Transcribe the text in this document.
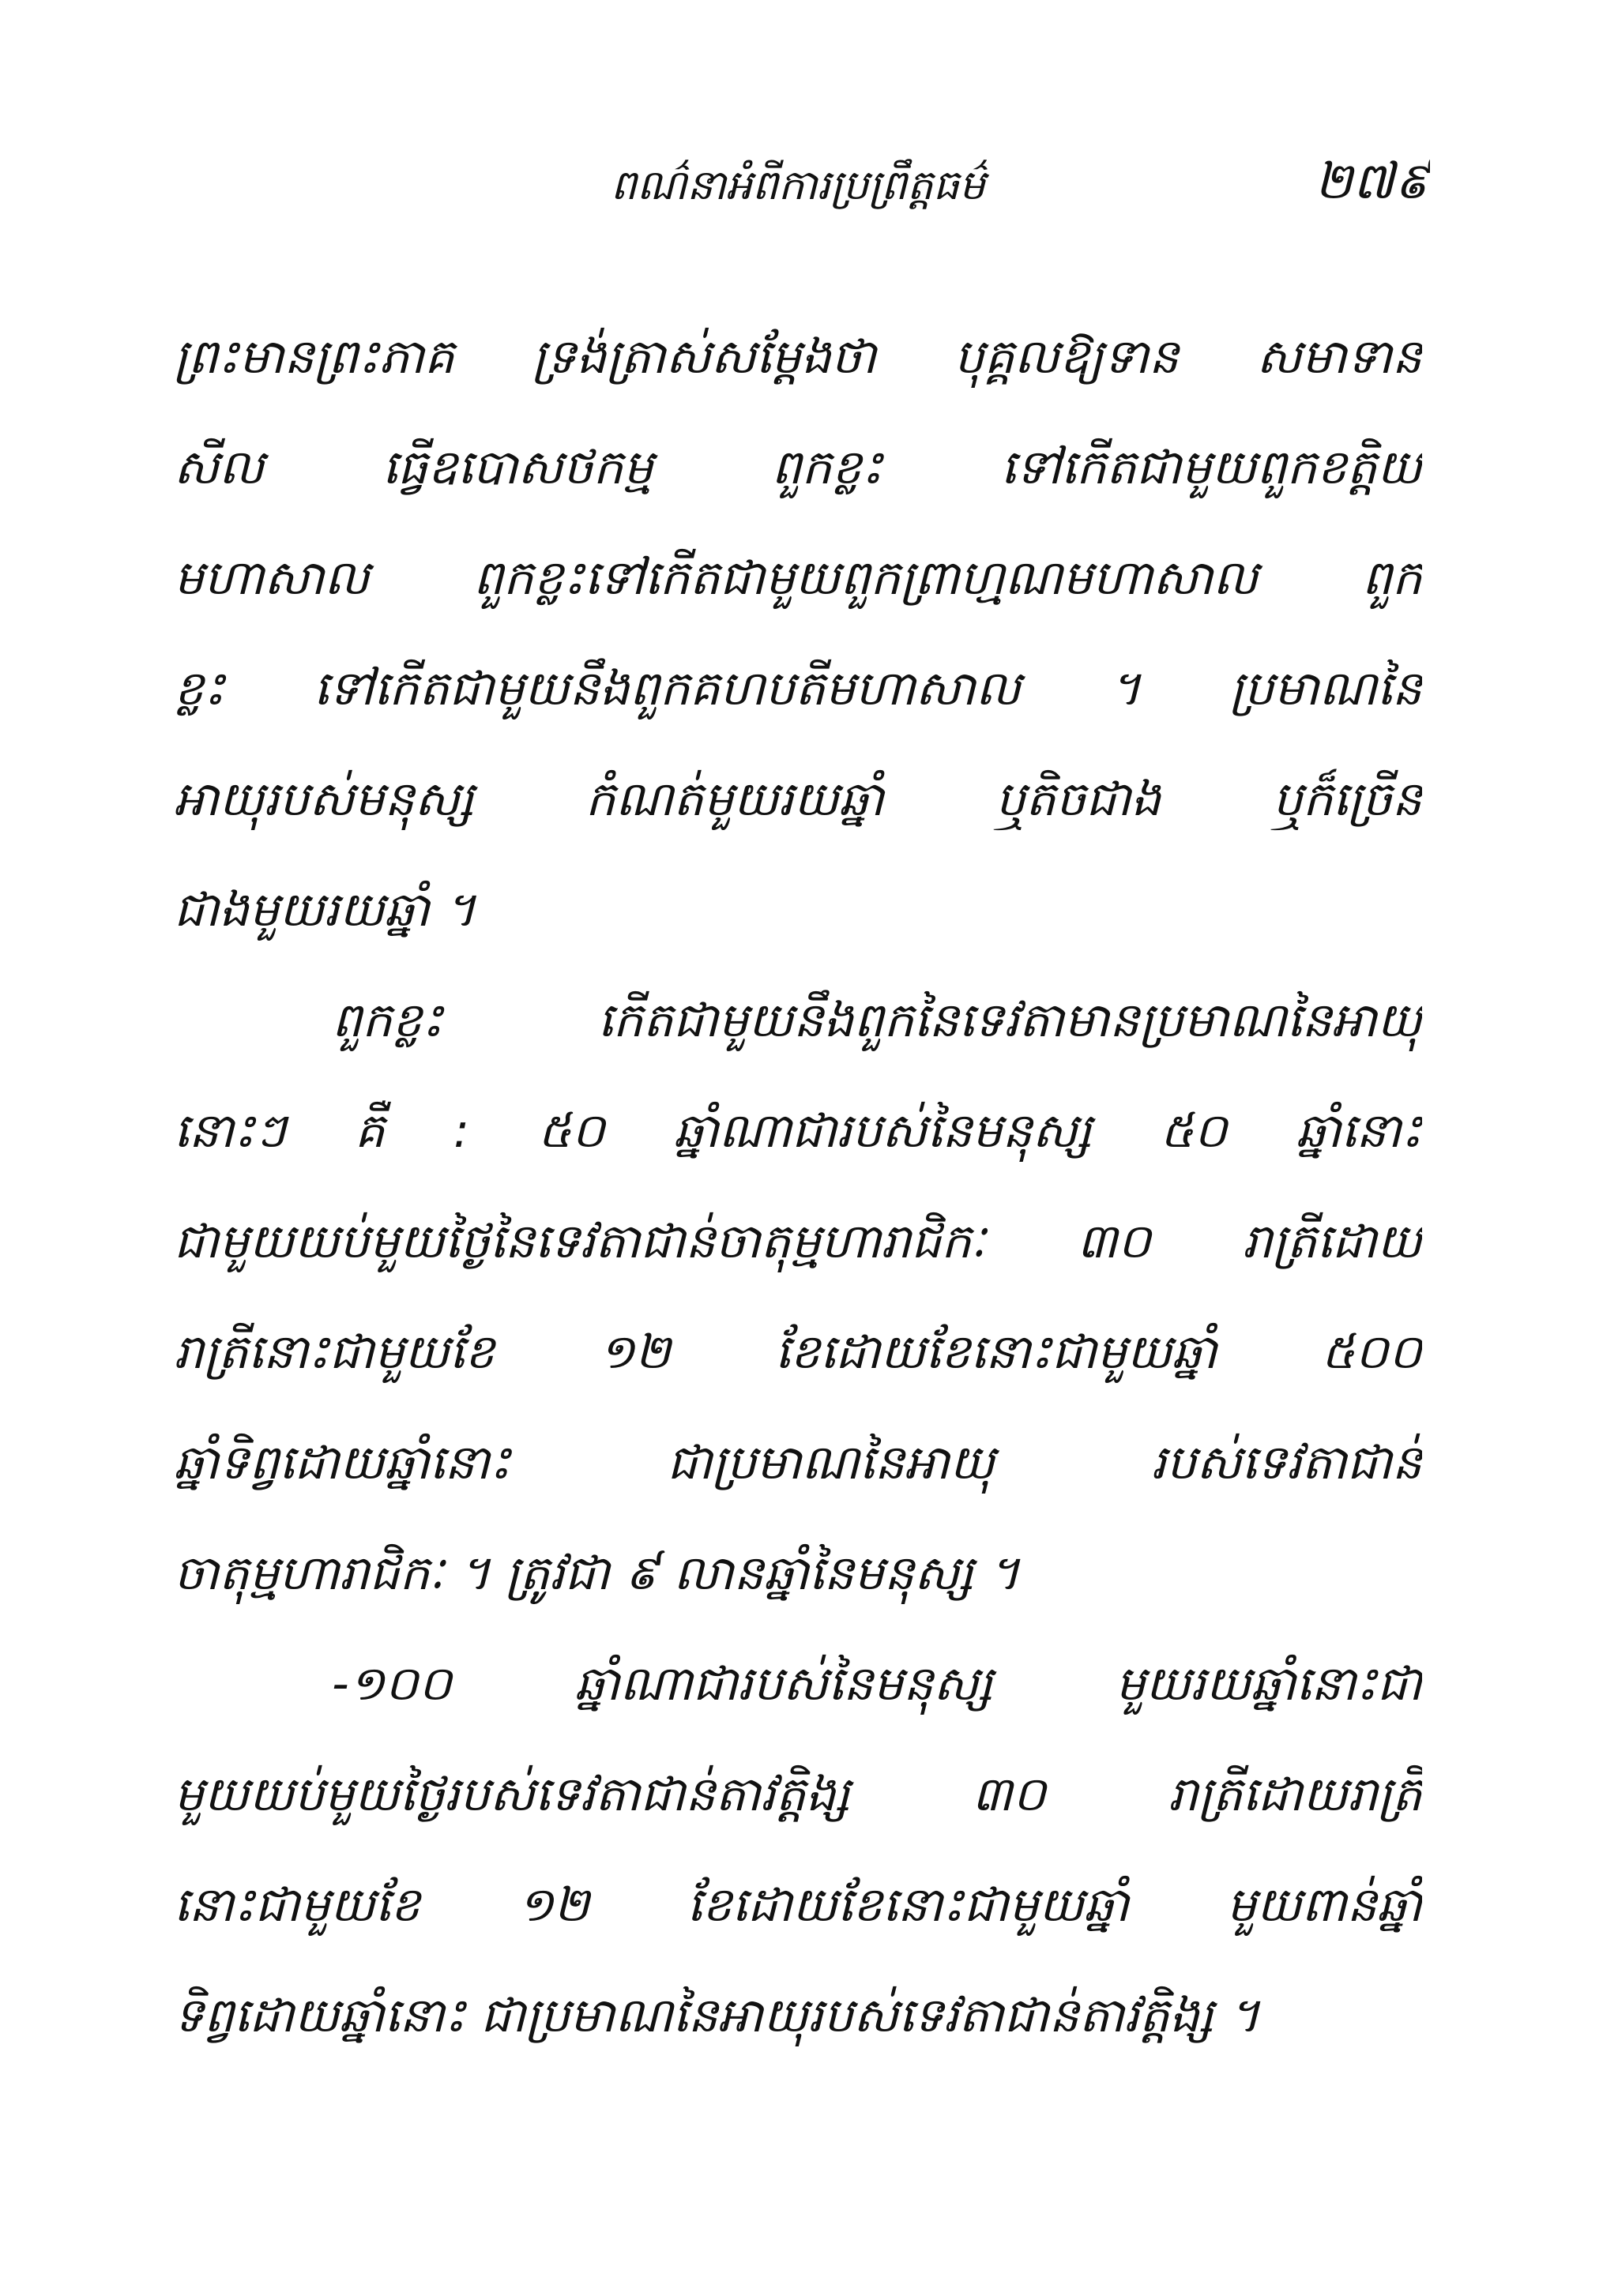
ពណ៌នាអំពីការប្រព្រឹត្តធម៌	២៧៩
ព្រះមានព្រះភាគ ទ្រង់ត្រាស់សម្តែងថា បុគ្គលឱ្យទាន សមាទាន
សីល ធ្វើឧបោសថកម្ម ពួកខ្លះ ទៅកើតជាមួយពួកខត្តិយ
មហាសាល ពួកខ្លះទៅកើតជាមួយពួកព្រាហ្មណមហាសាល ពួក
ខ្លះ ទៅកើតជាមួយនឹងពួកគហបតីមហាសាល ។ ប្រមាណនៃ
អាយុរបស់មនុស្ស កំណត់មួយរយឆ្នាំ ឬតិចជាង ឬក៏ច្រើន
ជាងមួយរយឆ្នាំ ។
ពួកខ្លះ កើតជាមួយនឹងពួកនៃទេវតាមានប្រមាណនៃអាយុ
នោះៗ គឺ : ៥០ ឆ្នាំណាជារបស់នៃមនុស្ស ៥០ ឆ្នាំនោះ
ជាមួយយប់មួយថ្ងៃនៃទេវតាជាន់ចាតុម្មហារាជិកៈ ៣០ រាត្រីដោយ
រាត្រីនោះជាមួយខែ ១២ ខែដោយខែនោះជាមួយឆ្នាំ ៥០០
ឆ្នាំទិព្វដោយឆ្នាំនោះ ជាប្រមាណនៃអាយុ របស់ទេវតាជាន់
ចាតុម្មហារាជិកៈ ។ ត្រូវជា ៩ លានឆ្នាំនៃមនុស្ស ។
-១០០ ឆ្នាំណាជារបស់នៃមនុស្ស មួយរយឆ្នាំនោះជា
មួយយប់មួយថ្ងៃរបស់ទេវតាជាន់តាវត្តិង្ស ៣០ រាត្រីដោយរាត្រី
នោះជាមួយខែ ១២ ខែដោយខែនោះជាមួយឆ្នាំ មួយពាន់ឆ្នាំ
ទិព្វដោយឆ្នាំនោះ ជាប្រមាណនៃអាយុរបស់ទេវតាជាន់តាវត្តិង្ស ។
